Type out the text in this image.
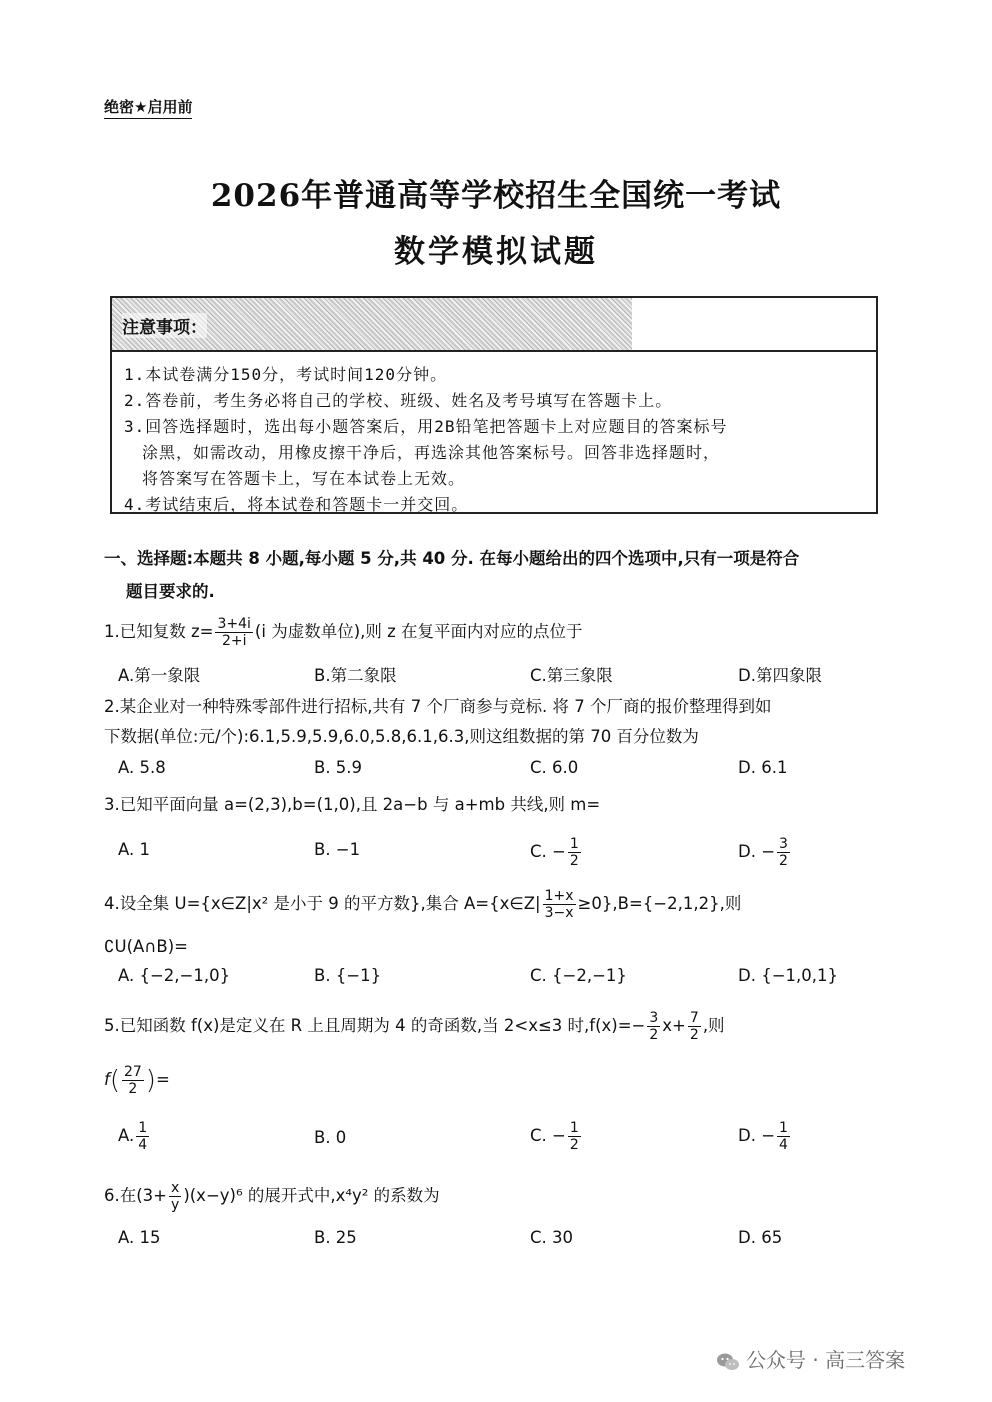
绝密★启用前
2026年普通高等学校招生全国统一考试
数学模拟试题
注意事项：

1.本试卷满分150分，考试时间120分钟。

2.答卷前，考生务必将自己的学校、班级、姓名及考号填写在答题卡上。

3.回答选择题时，选出每小题答案后，用2B铅笔把答题卡上对应题目的答案标号

涂黑，如需改动，用橡皮擦干净后，再选涂其他答案标号。回答非选择题时，

将答案写在答题卡上，写在本试卷上无效。

4.考试结束后，将本试卷和答题卡一并交回。

一、选择题:本题共 8 小题,每小题 5 分,共 40 分. 在每小题给出的四个选项中,只有一项是符合
题目要求的.
1.已知复数 $z= \frac{3+4i}{2+i} (i$ 为虚数单位),则 z 在复平面内对应的点位于
A.第一象限	B.第二象限	C.第三象限	D.第四象限
2.某企业对一种特殊零部件进行招标,共有 7 个厂商参与竞标. 将 7 个厂商的报价整理得到如
下数据(单位:元/个):6.1,5.9,5.9,6.0,5.8,6.1,6.3,则这组数据的第 70 百分位数为
A. 5.8	B. 5.9	C. 6.0	D. 6.1
3.已知平面向量 a=(2,3),b=(1,0),且 2a−b 与 a+mb 共线,则 m=
A. 1	B. −1	C. − $\frac{1}{2}$	D. − $\frac{3}{2}$
4.设全集 U={x∈Z|x² 是小于 9 的平方数},集合 A={x∈Z| $\frac{1+x}{3-x} \ge 0\},B=\{-2,1,2\}$,则
∁U(A∩B)=
A. {−2,−1,0}	B. {−1}	C. {−2,−1}	D. {−1,0,1}
5.已知函数 f(x)是定义在 R 上且周期为 4 的奇函数,当 2<x≤3 时$,f(x)=- \frac{3}{2} x+ \frac{7}{2}$ ,则
$f( \frac{27}{2}$ )=
A. $\frac{1}{4}$	B. 0	C. − $\frac{1}{2}$	D. − $\frac{1}{4}$
6.在$(3+ \frac{x}{y} )(x-y)^6$ 的展开式中,x⁴y² 的系数为
A. 15	B. 25	C. 30	D. 65
公众号 · 高三答案
